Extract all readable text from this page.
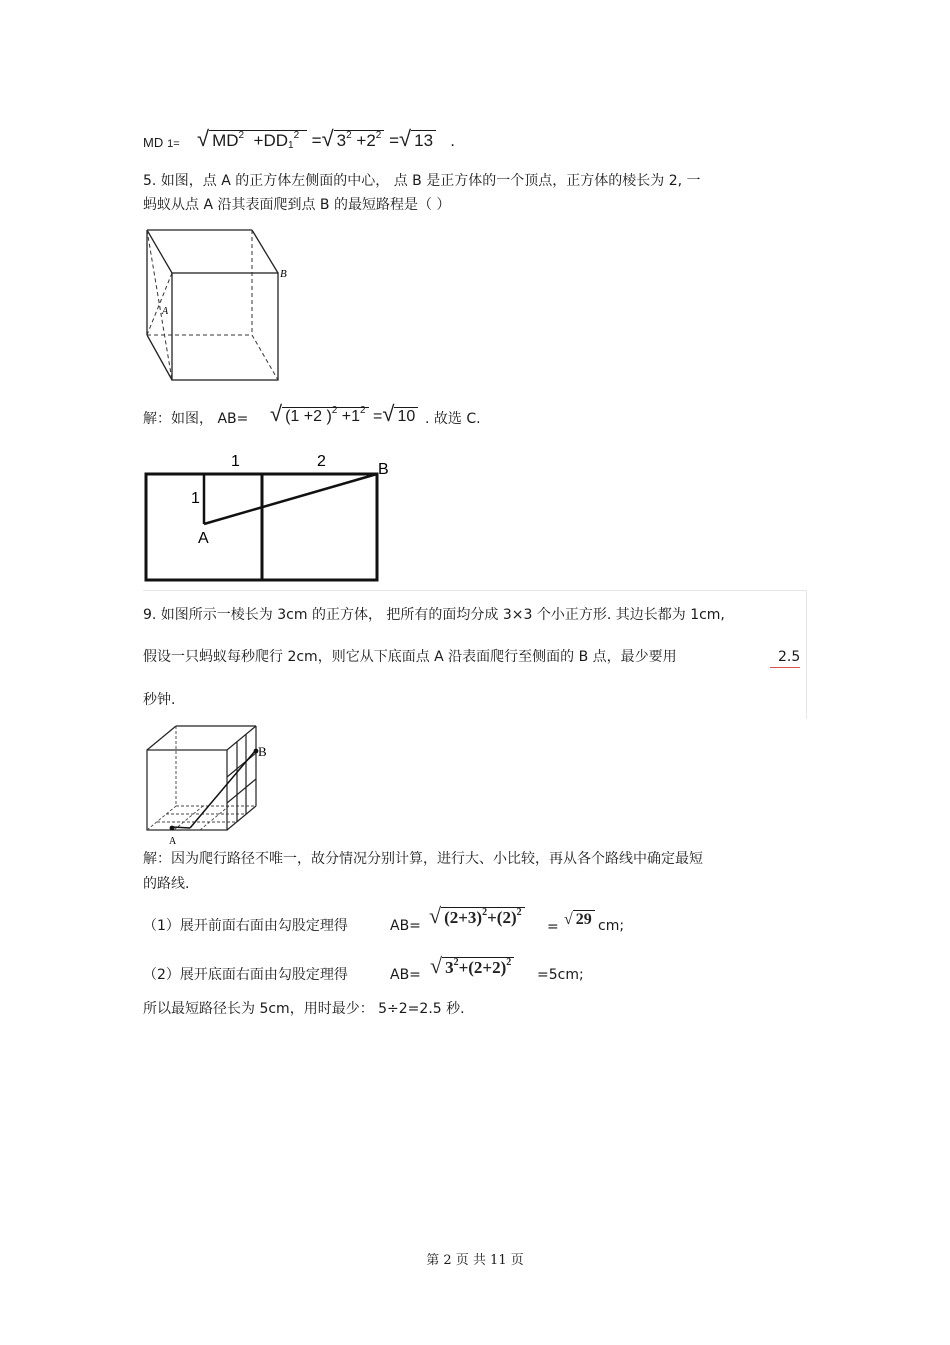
MD 1= √ $MD^2 +DD1^2$ =√ $3^2 +2^2$ =√ 13 .
5. 如图，点 A 的正方体左侧面的中心， 点 B 是正方体的一个顶点，正方体的棱长为 2, 一
蚂蚁从点 A 沿其表面爬到点 B 的最短路程是（ ）
B
A
解：如图， AB= √ (1 +2 )$^2 +1^2$ =√ 10 . 故选 C.
1	2	B
1
A
9. 如图所示一棱长为 3cm 的正方体， 把所有的面均分成 3×3 个小正方形. 其边长都为 1cm,
假设一只蚂蚁每秒爬行 2cm，则它从下底面点 A 沿表面爬行至侧面的 B 点，最少要用	2.5
秒钟.
B
A
解：因为爬行路径不唯一，故分情况分别计算，进行大、小比较，再从各个路线中确定最短
的路线.
（1）展开前面右面由勾股定理得	AB= √ $(2+3)^2+(2)^2$
= √ 29 cm;
（2）展开底面右面由勾股定理得	AB= √ $3^2+(2+2)^2$
=5cm;
所以最短路径长为 5cm，用时最少： 5÷2=2.5 秒.
第 2 页 共 11 页
